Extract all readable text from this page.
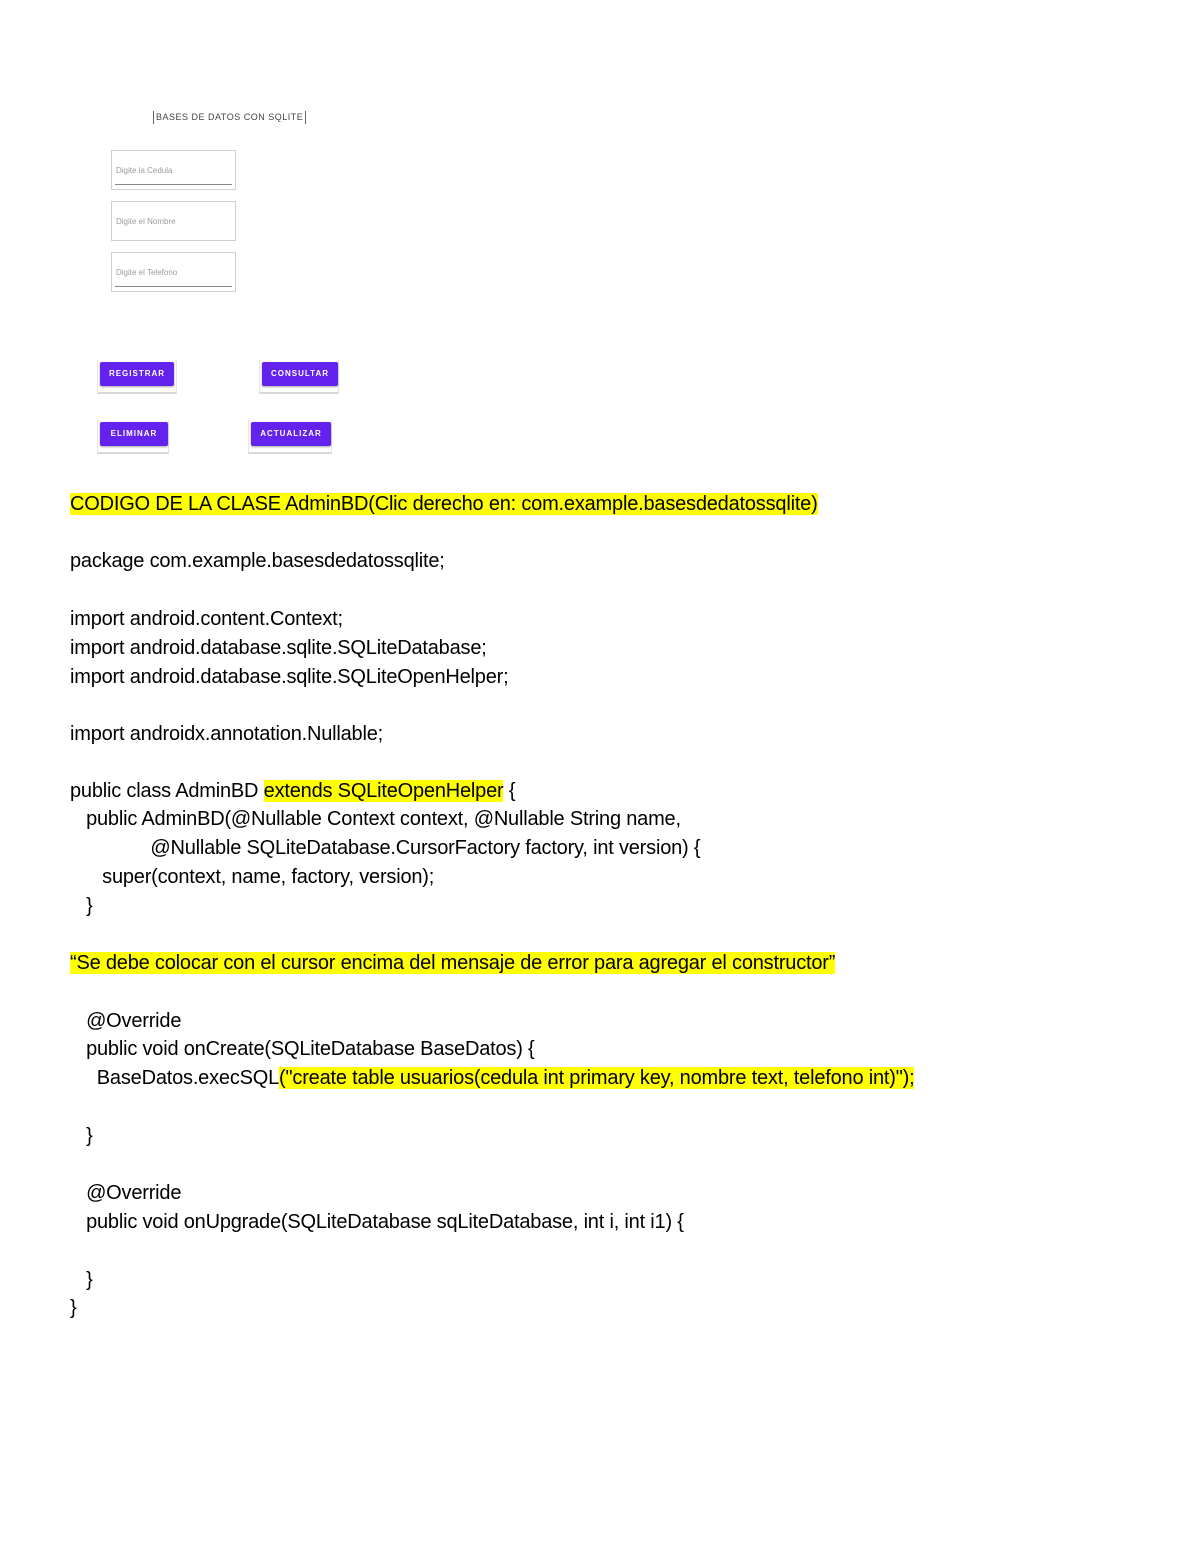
BASES DE DATOS CON SQLITE
Digite la Cedula
Digite el Nombre
Digite el Telefono
REGISTRAR	CONSULTAR
ELIMINAR	ACTUALIZAR
CODIGO DE LA CLASE AdminBD(Clic derecho en: com.example.basesdedatossqlite)
package com.example.basesdedatossqlite;
import android.content.Context;
import android.database.sqlite.SQLiteDatabase;
import android.database.sqlite.SQLiteOpenHelper;
import androidx.annotation.Nullable;
public class AdminBD extends SQLiteOpenHelper {
public AdminBD(@Nullable Context context, @Nullable String name,
@Nullable SQLiteDatabase.CursorFactory factory, int version) {
super(context, name, factory, version);
}
“Se debe colocar con el cursor encima del mensaje de error para agregar el constructor”
@Override
public void onCreate(SQLiteDatabase BaseDatos) {
BaseDatos.execSQL("create table usuarios(cedula int primary key, nombre text, telefono int)");
}
@Override
public void onUpgrade(SQLiteDatabase sqLiteDatabase, int i, int i1) {
}
}
